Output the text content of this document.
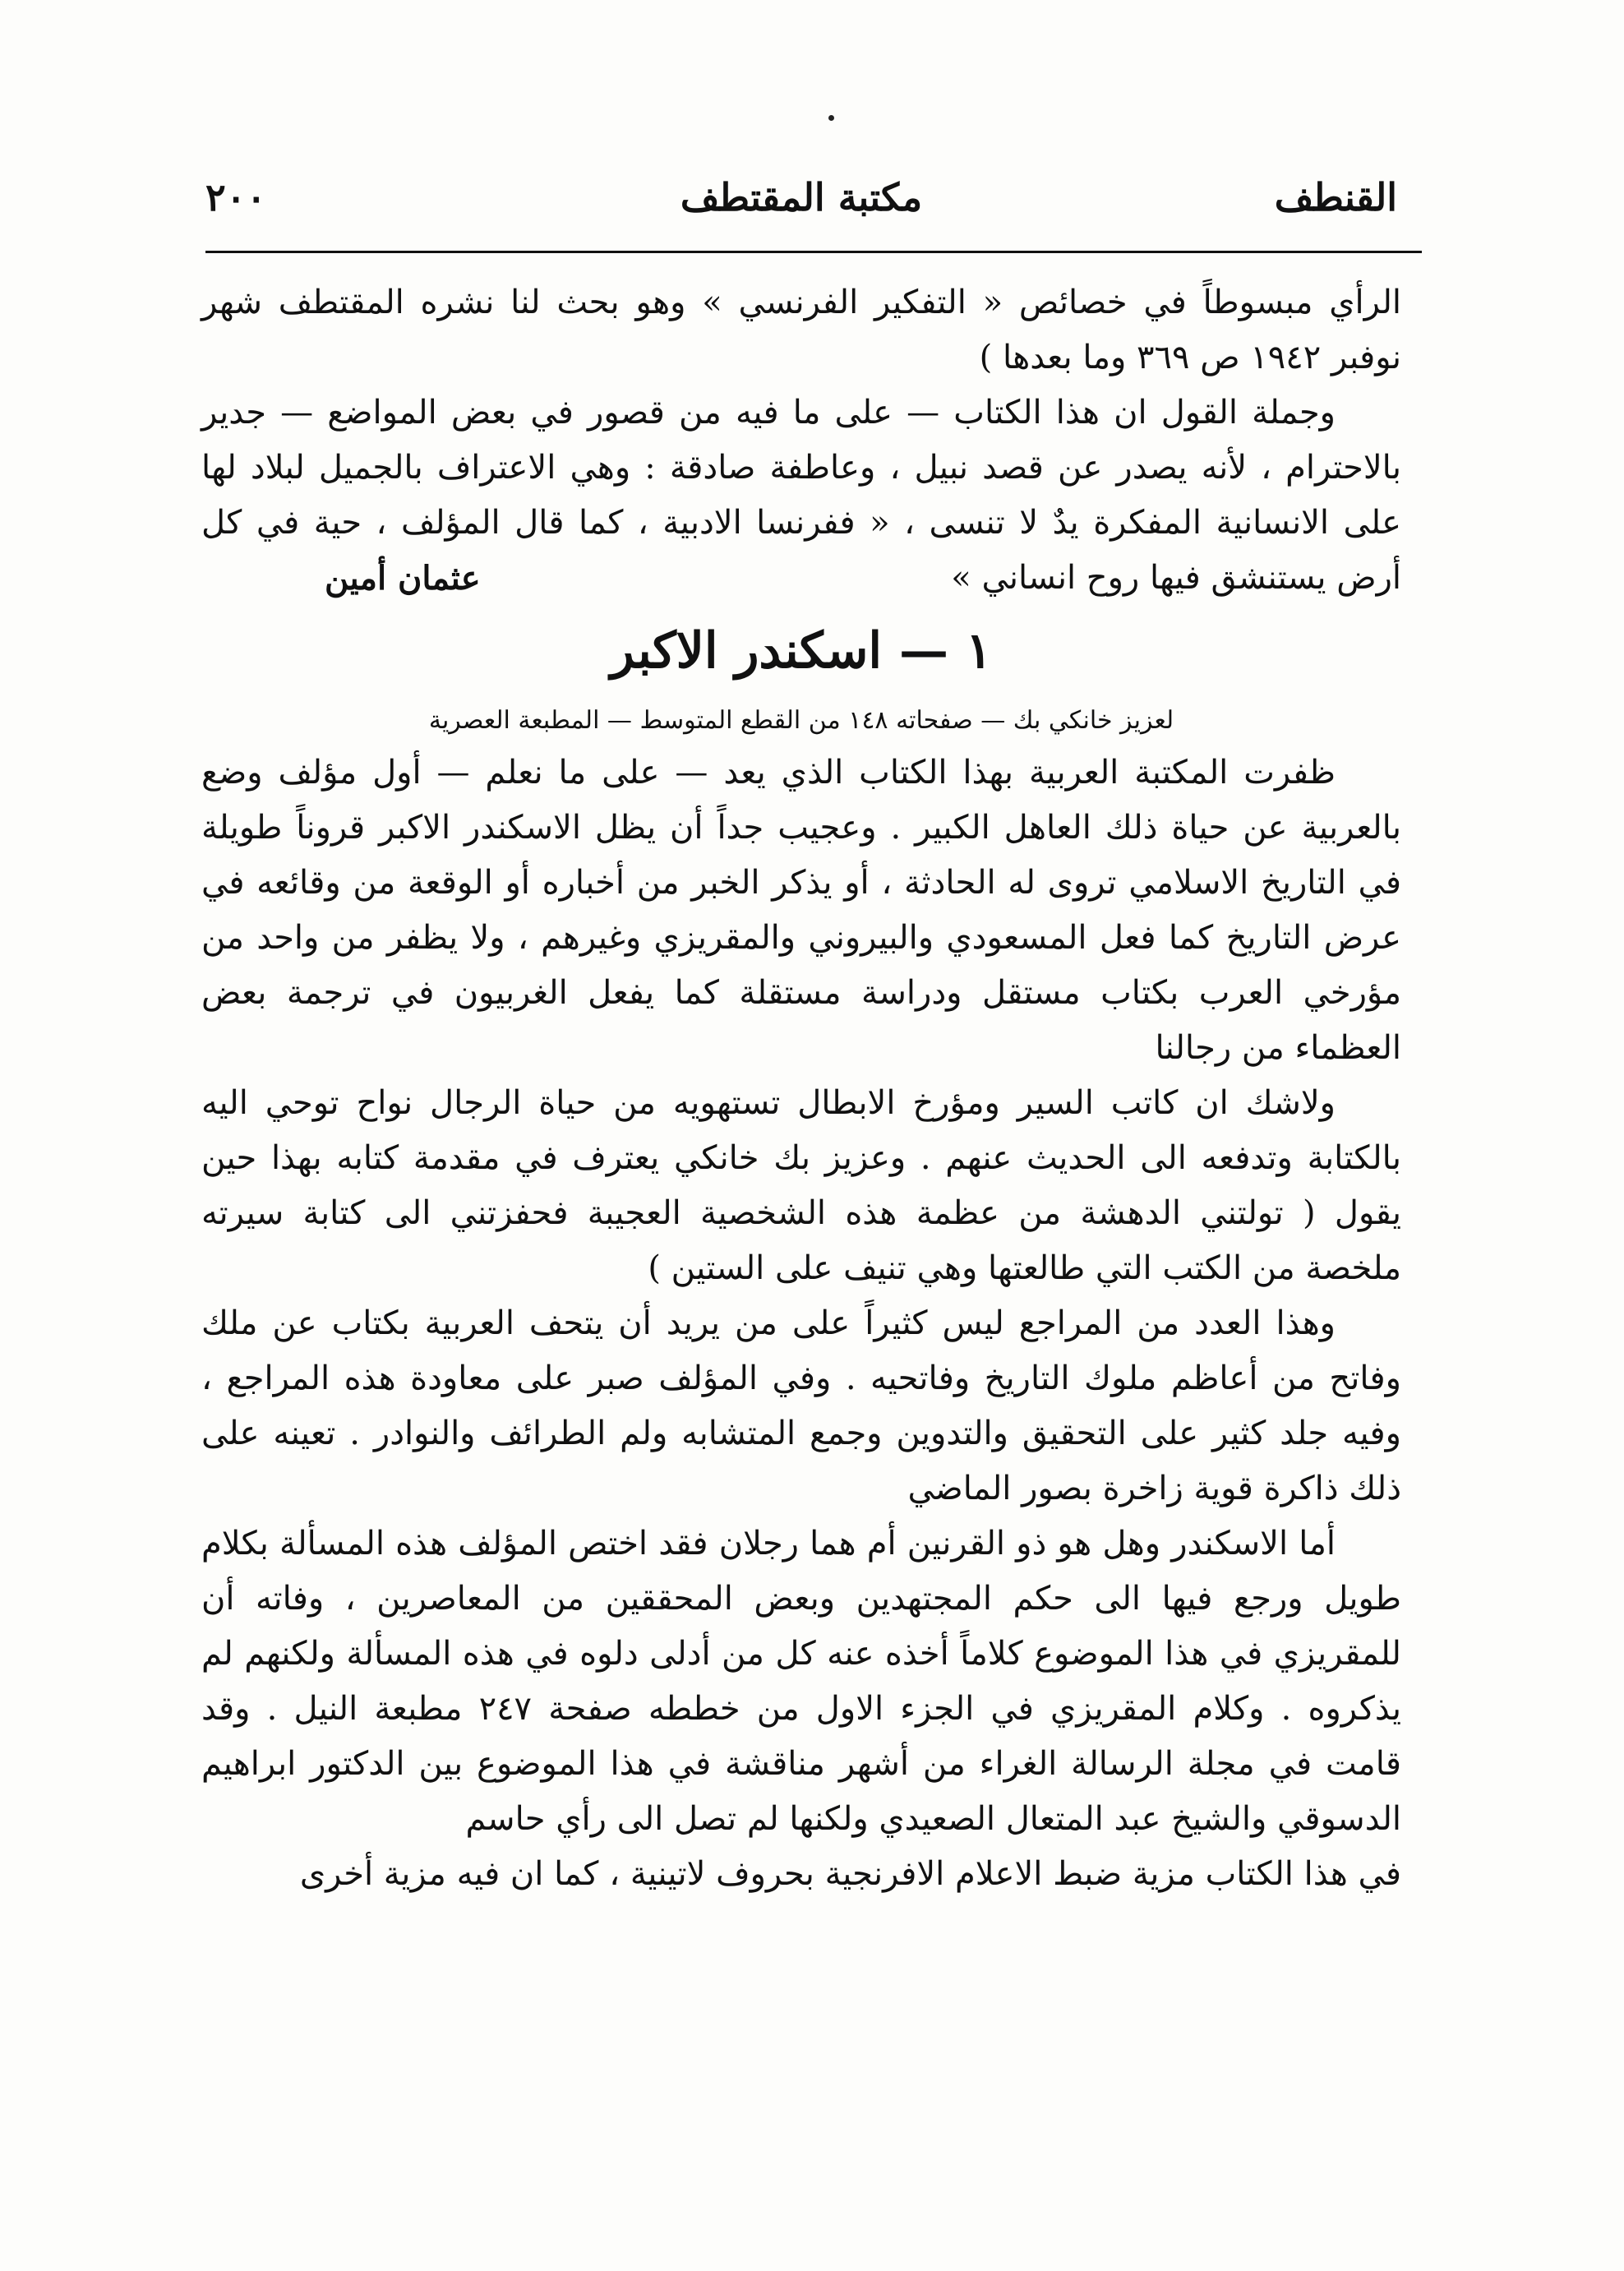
القنطف
مكتبة المقتطف
٢٠٠

الرأي مبسوطاً في خصائص « التفكير الفرنسي » وهو بحث لنا نشره المقتطف شهر نوفبر ١٩٤٢ ص ٣٦٩ وما بعدها )

وجملة القول ان هذا الكتاب — على ما فيه من قصور في بعض المواضع — جدير بالاحترام ، لأنه يصدر عن قصد نبيل ، وعاطفة صادقة : وهي الاعتراف بالجميل لبلاد لها على الانسانية المفكرة يدٌ لا تنسى ، « ففرنسا الادبية ، كما قال المؤلف ، حية في كل أرض يستنشق فيها روح انساني »

عثمان أمين

١ — اسكندر الاكبر

لعزيز خانكي بك — صفحاته ١٤٨ من القطع المتوسط — المطبعة العصرية

ظفرت المكتبة العربية بهذا الكتاب الذي يعد — على ما نعلم — أول مؤلف وضع بالعربية عن حياة ذلك العاهل الكبير . وعجيب جداً أن يظل الاسكندر الاكبر قروناً طويلة في التاريخ الاسلامي تروى له الحادثة ، أو يذكر الخبر من أخباره أو الوقعة من وقائعه في عرض التاريخ كما فعل المسعودي والبيروني والمقريزي وغيرهم ، ولا يظفر من واحد من مؤرخي العرب بكتاب مستقل ودراسة مستقلة كما يفعل الغربيون في ترجمة بعض العظماء من رجالنا

ولاشك ان كاتب السير ومؤرخ الابطال تستهويه من حياة الرجال نواح توحي اليه بالكتابة وتدفعه الى الحديث عنهم . وعزيز بك خانكي يعترف في مقدمة كتابه بهذا حين يقول ( تولتني الدهشة من عظمة هذه الشخصية العجيبة فحفزتني الى كتابة سيرته ملخصة من الكتب التي طالعتها وهي تنيف على الستين )

وهذا العدد من المراجع ليس كثيراً على من يريد أن يتحف العربية بكتاب عن ملك وفاتح من أعاظم ملوك التاريخ وفاتحيه . وفي المؤلف صبر على معاودة هذه المراجع ، وفيه جلد كثير على التحقيق والتدوين وجمع المتشابه ولم الطرائف والنوادر . تعينه على ذلك ذاكرة قوية زاخرة بصور الماضي

أما الاسكندر وهل هو ذو القرنين أم هما رجلان فقد اختص المؤلف هذه المسألة بكلام طويل ورجع فيها الى حكم المجتهدين وبعض المحققين من المعاصرين ، وفاته أن للمقريزي في هذا الموضوع كلاماً أخذه عنه كل من أدلى دلوه في هذه المسألة ولكنهم لم يذكروه . وكلام المقريزي في الجزء الاول من خططه صفحة ٢٤٧ مطبعة النيل . وقد قامت في مجلة الرسالة الغراء من أشهر مناقشة في هذا الموضوع بين الدكتور ابراهيم الدسوقي والشيخ عبد المتعال الصعيدي ولكنها لم تصل الى رأي حاسم

في هذا الكتاب مزية ضبط الاعلام الافرنجية بحروف لاتينية ، كما ان فيه مزية أخرى
